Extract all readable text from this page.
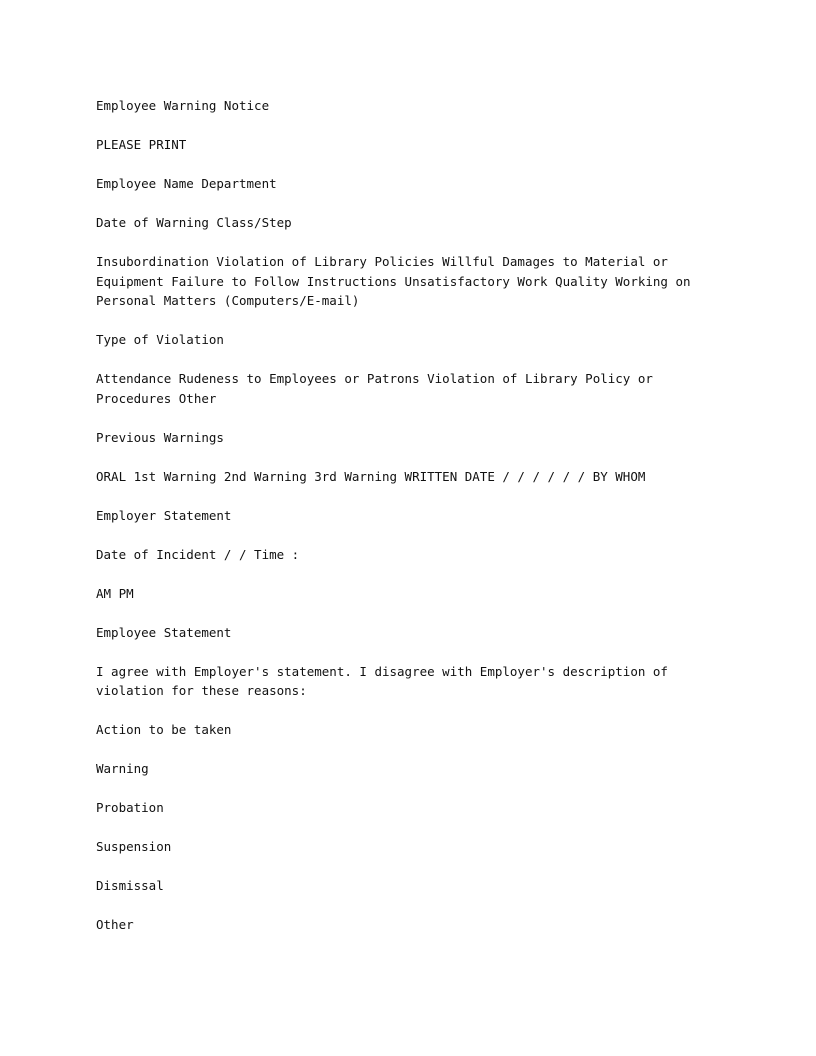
Employee Warning Notice

PLEASE PRINT

Employee Name Department

Date of Warning Class/Step

Insubordination Violation of Library Policies Willful Damages to Material or Equipment Failure to Follow Instructions Unsatisfactory Work Quality Working on Personal Matters (Computers/E-mail)

Type of Violation

Attendance Rudeness to Employees or Patrons Violation of Library Policy or Procedures Other

Previous Warnings

ORAL 1st Warning 2nd Warning 3rd Warning WRITTEN DATE / / / / / / BY WHOM

Employer Statement

Date of Incident / / Time :

AM PM

Employee Statement

I agree with Employer's statement. I disagree with Employer's description of violation for these reasons:

Action to be taken

Warning

Probation

Suspension

Dismissal

Other
